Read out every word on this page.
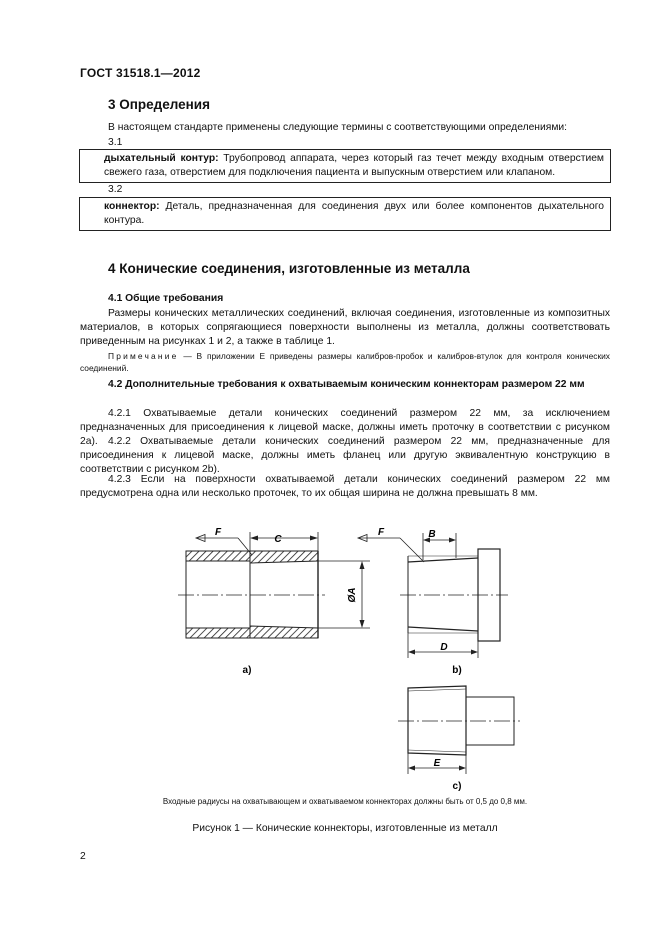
ГОСТ 31518.1—2012
3 Определения
В настоящем стандарте применены следующие термины с соответствующими определениями:
3.1
дыхательный контур: Трубопровод аппарата, через который газ течет между входным отверстием свежего газа, отверстием для подключения пациента и выпускным отверстием или клапаном.
3.2
коннектор: Деталь, предназначенная для соединения двух или более компонентов дыхательного контура.
4 Конические соединения, изготовленные из металла
4.1 Общие требования
Размеры конических металлических соединений, включая соединения, изготовленные из композитных материалов, в которых сопрягающиеся поверхности выполнены из металла, должны соответствовать приведенным на рисунках 1 и 2, а также в таблице 1.
Примечание — В приложении Е приведены размеры калибров-пробок и калибров-втулок для контроля конических соединений.
4.2 Дополнительные требования к охватываемым коническим коннекторам размером 22 мм
4.2.1 Охватываемые детали конических соединений размером 22 мм, за исключением предназначенных для присоединения к лицевой маске, должны иметь проточку в соответствии с рисунком 2а). 4.2.2 Охватываемые детали конических соединений размером 22 мм, предназначенные для присоединения к лицевой маске, должны иметь фланец или другую эквивалентную конструкцию в соответствии с рисунком 2b).
4.2.3 Если на поверхности охватываемой детали конических соединений размером 22 мм предусмотрена одна или несколько проточек, то их общая ширина не должна превышать 8 мм.
C
F
ØA
a)
B
F
D
b)
E
c)
Входные радиусы на охватывающем и охватываемом коннекторах должны быть от 0,5 до 0,8 мм.
Рисунок 1 — Конические коннекторы, изготовленные из металл
2
